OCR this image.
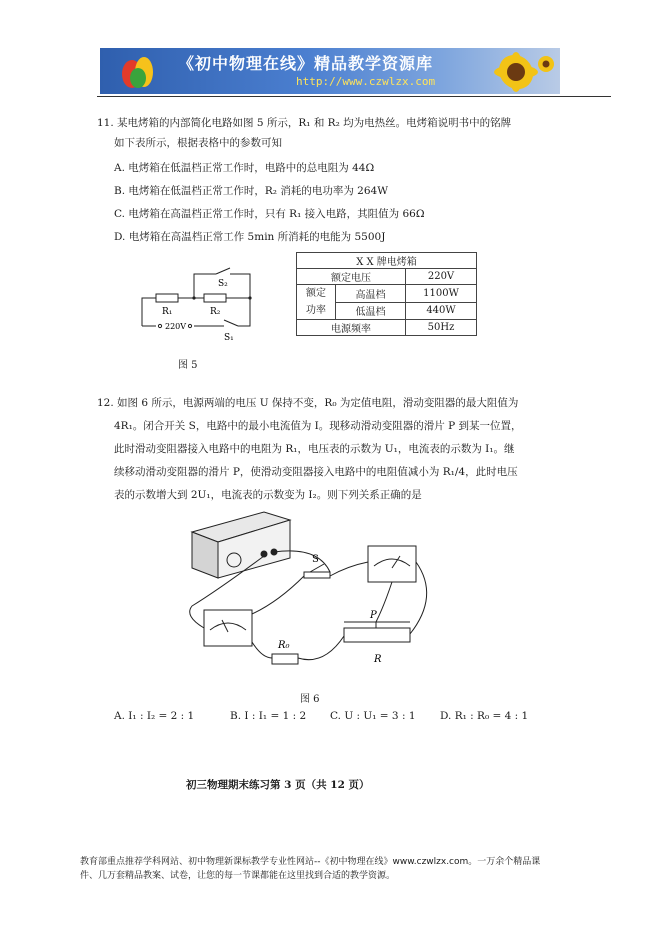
《初中物理在线》精品教学资源库
http://www.czwlzx.com
11. 某电烤箱的内部简化电路如图 5 所示，R₁ 和 R₂ 均为电热丝。电烤箱说明书中的铭牌
如下表所示，根据表格中的参数可知
A. 电烤箱在低温档正常工作时，电路中的总电阻为 44Ω
B. 电烤箱在低温档正常工作时，R₂ 消耗的电功率为 264W
C. 电烤箱在高温档正常工作时，只有 R₁ 接入电路，其阻值为 66Ω
D. 电烤箱在高温档正常工作 5min 所消耗的电能为 5500J
S₂
R₁	R₂
220V
S₁
图 5
X X 牌电烤箱		
额定电压		220V
额定
功率	高温档	1100W
	低温档	440W
电源频率		50Hz
12. 如图 6 所示，电源两端的电压 U 保持不变，R₀ 为定值电阻，滑动变阻器的最大阻值为
4R₁。闭合开关 S，电路中的最小电流值为 I。现移动滑动变阻器的滑片 P 到某一位置，
此时滑动变阻器接入电路中的电阻为 R₁，电压表的示数为 U₁，电流表的示数为 I₁。继
续移动滑动变阻器的滑片 P，使滑动变阻器接入电路中的电阻值减小为 R₁/4，此时电压
表的示数增大到 2U₁，电流表的示数变为 I₂。则下列关系正确的是
S
P
R₀
R
图 6
A. I₁ : I₂ = 2 : 1	B. I : I₁ = 1 : 2 C. U : U₁ = 3 : 1 D. R₁ : R₀ = 4 : 1
初三物理期末练习第 3 页（共 12 页）
教育部重点推荐学科网站、初中物理新课标教学专业性网站--《初中物理在线》www.czwlzx.com。一万余个精品课
件、几万套精品教案、试卷，让您的每一节课都能在这里找到合适的教学资源。
